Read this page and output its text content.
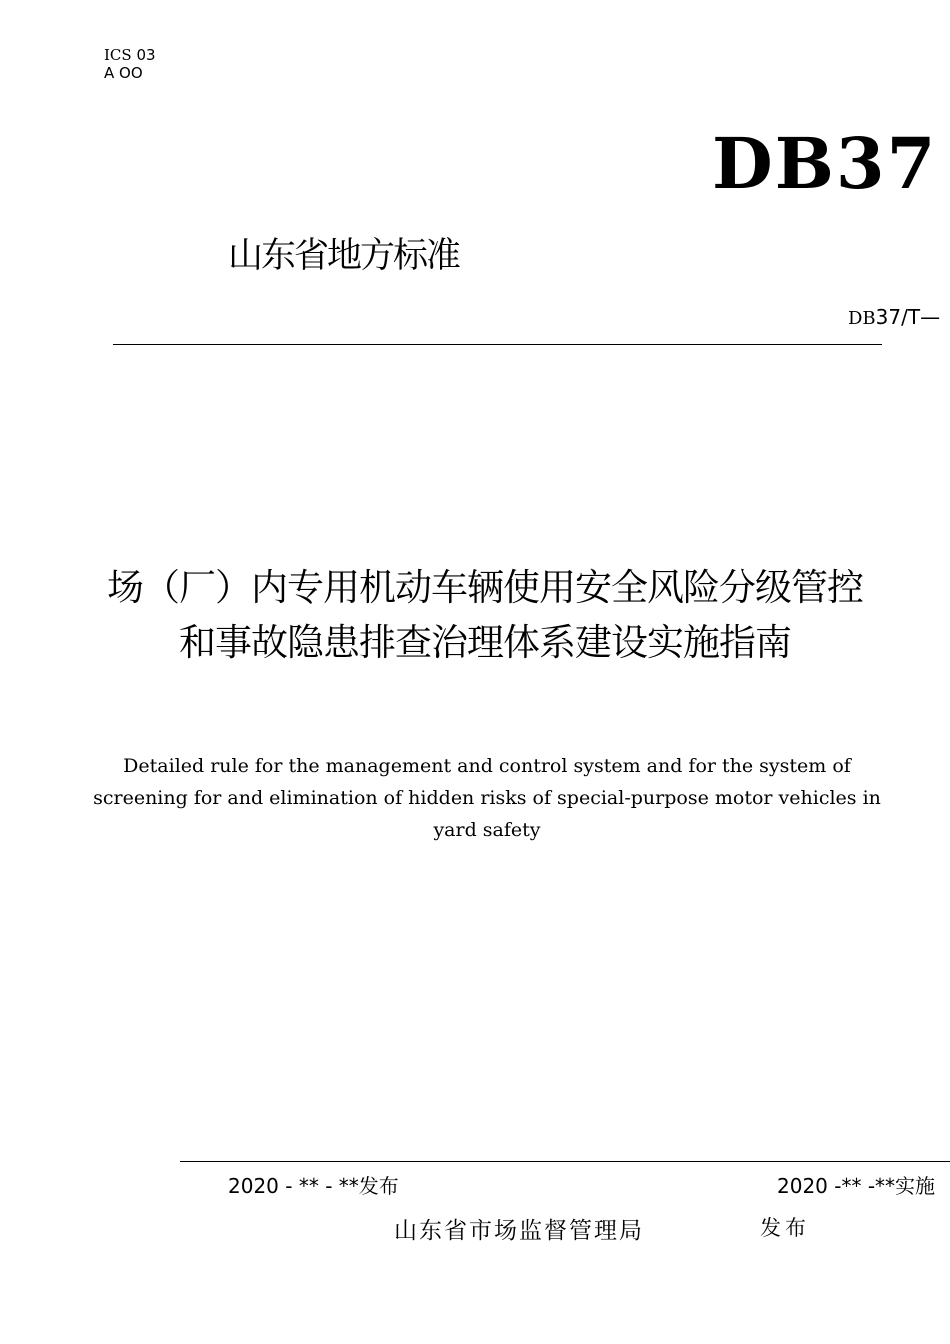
ICS 03
A OO
DB37
山东省地方标准
DB37/T—
场（厂）内专用机动车辆使用安全风险分级管控和事故隐患排查治理体系建设实施指南
Detailed rule for the management and control system and for the system of screening for and elimination of hidden risks of special-purpose motor vehicles in yard safety
2020 - ** - **发布	2020 -** -**实施
山东省市场监督管理局	发布
